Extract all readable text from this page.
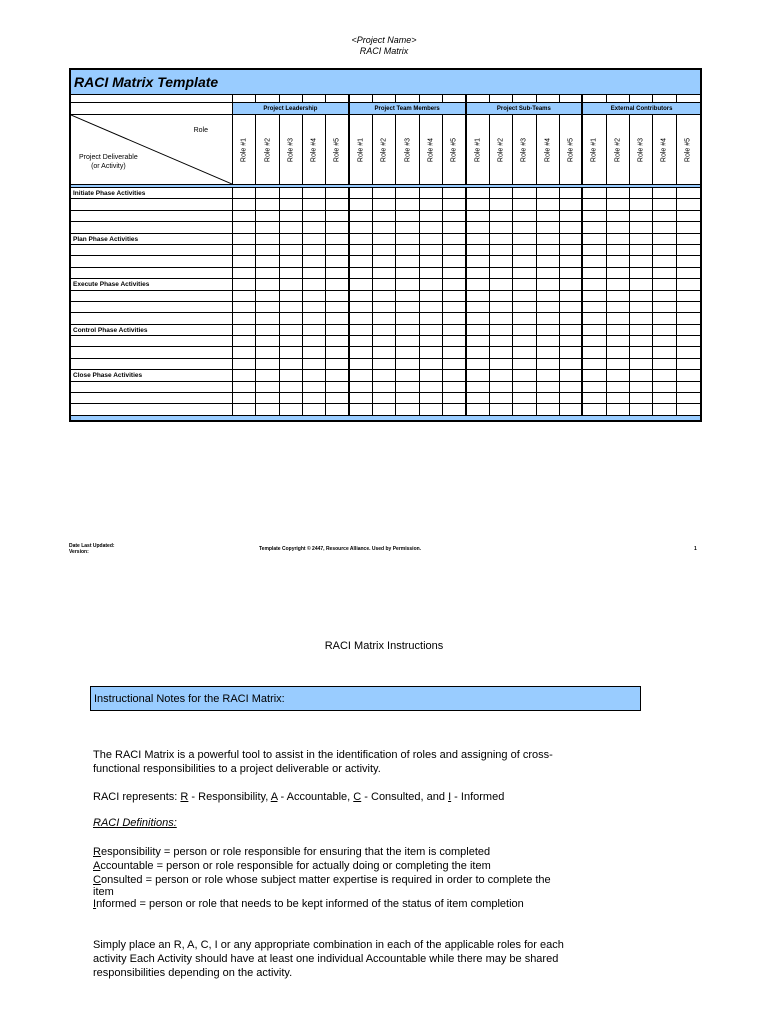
<Project Name>
RACI Matrix
RACI Matrix Template
Project Leadership	Project Team Members	Project Sub-Teams	External Contributors
Role
Project Deliverable
(or Activity)
Role #1 Role #2 Role #3 Role #4 Role #5 Role #1 Role #2 Role #3 Role #4 Role #5 Role #1 Role #2 Role #3 Role #4 Role #5 Role #1 Role #2 Role #3 Role #4 Role #5
Initiate Phase Activities
Plan Phase Activities
Execute Phase Activities
Control Phase Activities
Close Phase Activities
Date Last Updated:
Version:	Template Copyright © 2447, Resource Alliance. Used by Permission.	1
RACI Matrix Instructions
Instructional Notes for the RACI Matrix:
The RACI Matrix is a powerful tool to assist in the identification of roles and assigning of cross-
functional responsibilities to a project deliverable or activity.
RACI represents: R - Responsibility, A - Accountable, C - Consulted, and I - Informed
RACI Definitions:
Responsibility = person or role responsible for ensuring that the item is completed
Accountable = person or role responsible for actually doing or completing the item
Consulted = person or role whose subject matter expertise is required in order to complete the
item
Informed = person or role that needs to be kept informed of the status of item completion
Simply place an R, A, C, I or any appropriate combination in each of the applicable roles for each
activity Each Activity should have at least one individual Accountable while there may be shared
responsibilities depending on the activity.
